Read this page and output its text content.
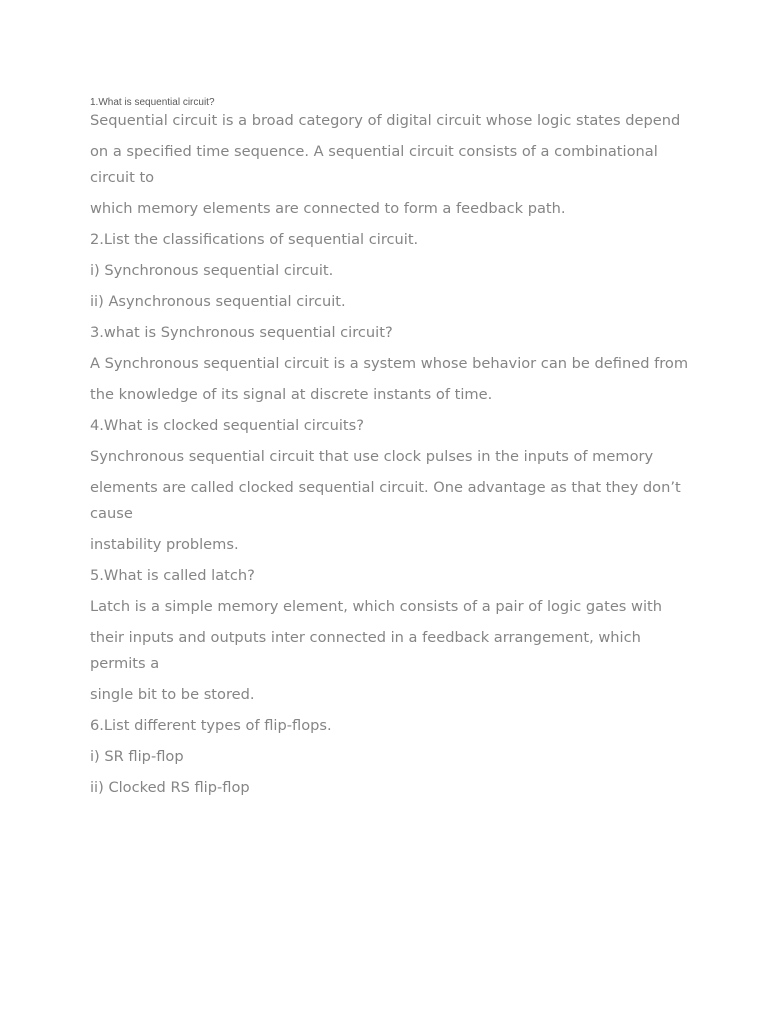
1.What is sequential circuit?

Sequential circuit is a broad category of digital circuit whose logic states depend

on a specified time sequence. A sequential circuit consists of a combinational circuit to

which memory elements are connected to form a feedback path.

2.List the classifications of sequential circuit.

i) Synchronous sequential circuit.

ii) Asynchronous sequential circuit.

3.what is Synchronous sequential circuit?

A Synchronous sequential circuit is a system whose behavior can be defined from

the knowledge of its signal at discrete instants of time.

4.What is clocked sequential circuits?

Synchronous sequential circuit that use clock pulses in the inputs of memory

elements are called clocked sequential circuit. One advantage as that they don’t cause

instability problems.

5.What is called latch?

Latch is a simple memory element, which consists of a pair of logic gates with

their inputs and outputs inter connected in a feedback arrangement, which permits a

single bit to be stored.

6.List different types of flip-flops.

i) SR flip-flop

ii) Clocked RS flip-flop
